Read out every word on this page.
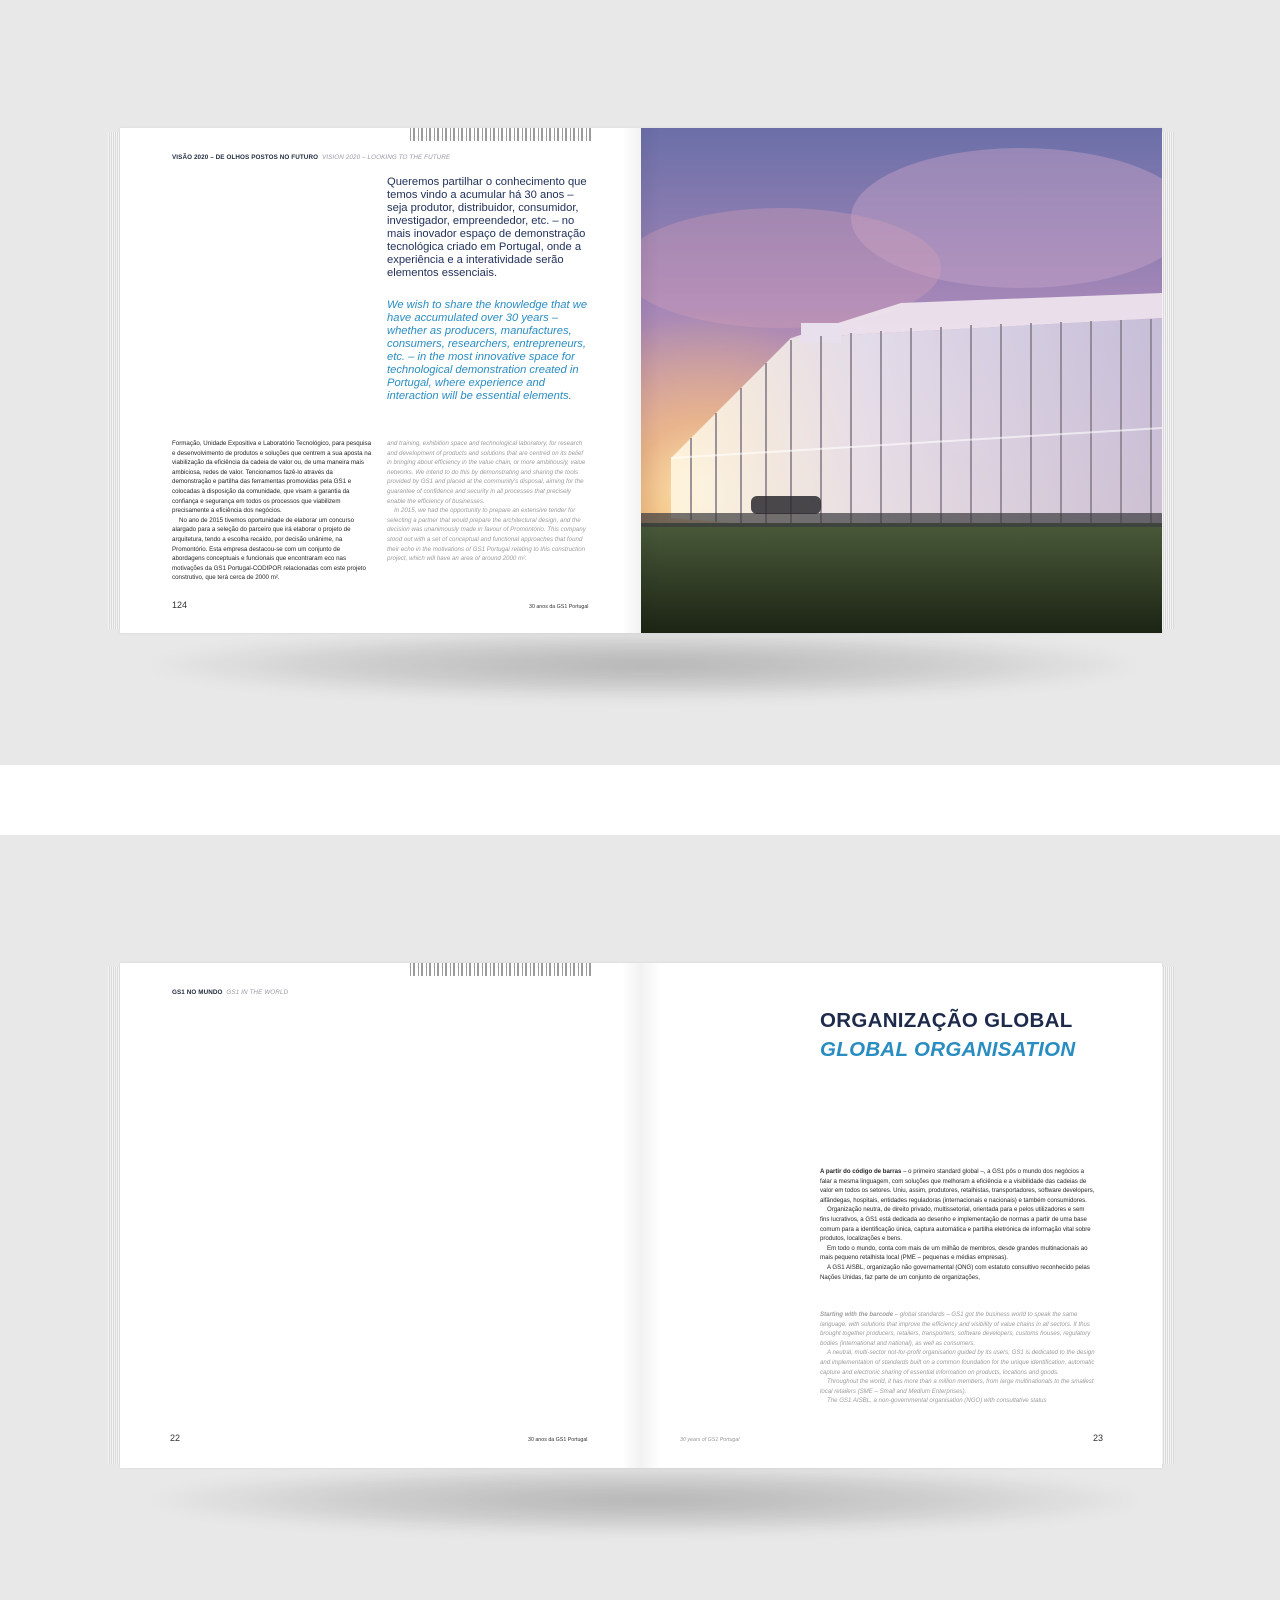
VISÃO 2020 – DE OLHOS POSTOS NO FUTURO VISION 2020 – LOOKING TO THE FUTURE
Queremos partilhar o conhecimento que temos vindo a acumular há 30 anos – seja produtor, distribuidor, consumidor, investigador, empreendedor, etc. – no mais inovador espaço de demonstração tecnológica criado em Portugal, onde a experiência e a interatividade serão elementos essenciais.
We wish to share the knowledge that we have accumulated over 30 years – whether as producers, manufactures, consumers, researchers, entrepreneurs, etc. – in the most innovative space for technological demonstration created in Portugal, where experience and interaction will be essential elements.

Formação, Unidade Expositiva e Laboratório Tecnológico, para pesquisa e desenvolvimento de produtos e soluções que centrem a sua aposta na viabilização da eficiência da cadeia de valor ou, de uma maneira mais ambiciosa, redes de valor. Tencionamos fazê-lo através da demonstração e partilha das ferramentas promovidas pela GS1 e colocadas à disposição da comunidade, que visam a garantia da confiança e segurança em todos os processos que viabilizem precisamente a eficiência dos negócios.

No ano de 2015 tivemos oportunidade de elaborar um concurso alargado para a seleção do parceiro que irá elaborar o projeto de arquitetura, tendo a escolha recaído, por decisão unânime, na Promontório. Esta empresa destacou-se com um conjunto de abordagens conceptuais e funcionais que encontraram eco nas motivações da GS1 Portugal-CODIPOR relacionadas com este projeto construtivo, que terá cerca de 2000 m².

and training, exhibition space and technological laboratory, for research and development of products and solutions that are centred on its belief in bringing about efficiency in the value chain, or more ambitiously, value networks. We intend to do this by demonstrating and sharing the tools provided by GS1 and placed at the community's disposal, aiming for the guarantee of confidence and security in all processes that precisely enable the efficiency of businesses.

In 2015, we had the opportunity to prepare an extensive tender for selecting a partner that would prepare the architectural design, and the decision was unanimously made in favour of Promontório. This company stood out with a set of conceptual and functional approaches that found their echo in the motivations of GS1 Portugal relating to this construction project, which will have an area of around 2000 m².

124	30 anos da GS1 Portugal
GS1 NO MUNDO GS1 IN THE WORLD
22	30 anos da GS1 Portugal
ORGANIZAÇÃO GLOBAL
GLOBAL ORGANISATION

A partir do código de barras – o primeiro standard global –, a GS1 pôs o mundo dos negócios a falar a mesma linguagem, com soluções que melhoram a eficiência e a visibilidade das cadeias de valor em todos os setores. Uniu, assim, produtores, retalhistas, transportadores, software developers, alfândegas, hospitais, entidades reguladoras (internacionais e nacionais) e também consumidores.

Organização neutra, de direito privado, multissetorial, orientada para e pelos utilizadores e sem fins lucrativos, a GS1 está dedicada ao desenho e implementação de normas a partir de uma base comum para a identificação única, captura automática e partilha eletrónica de informação vital sobre produtos, localizações e bens.

Em todo o mundo, conta com mais de um milhão de membros, desde grandes multinacionais ao mais pequeno retalhista local (PME – pequenas e médias empresas).

A GS1 AISBL, organização não governamental (ONG) com estatuto consultivo reconhecido pelas Nações Unidas, faz parte de um conjunto de organizações,

Starting with the barcode – global standards – GS1 got the business world to speak the same language, with solutions that improve the efficiency and visibility of value chains in all sectors. It thus brought together producers, retailers, transporters, software developers, customs houses, regulatory bodies (international and national), as well as consumers.

A neutral, multi-sector not-for-profit organisation guided by its users, GS1 is dedicated to the design and implementation of standards built on a common foundation for the unique identification, automatic capture and electronic sharing of essential information on products, locations and goods.

Throughout the world, it has more than a million members, from large multinationals to the smallest local retailers (SME – Small and Medium Enterprises).

The GS1 AISBL, a non-governmental organisation (NGO) with consultative status

30 years of GS1 Portugal	23
